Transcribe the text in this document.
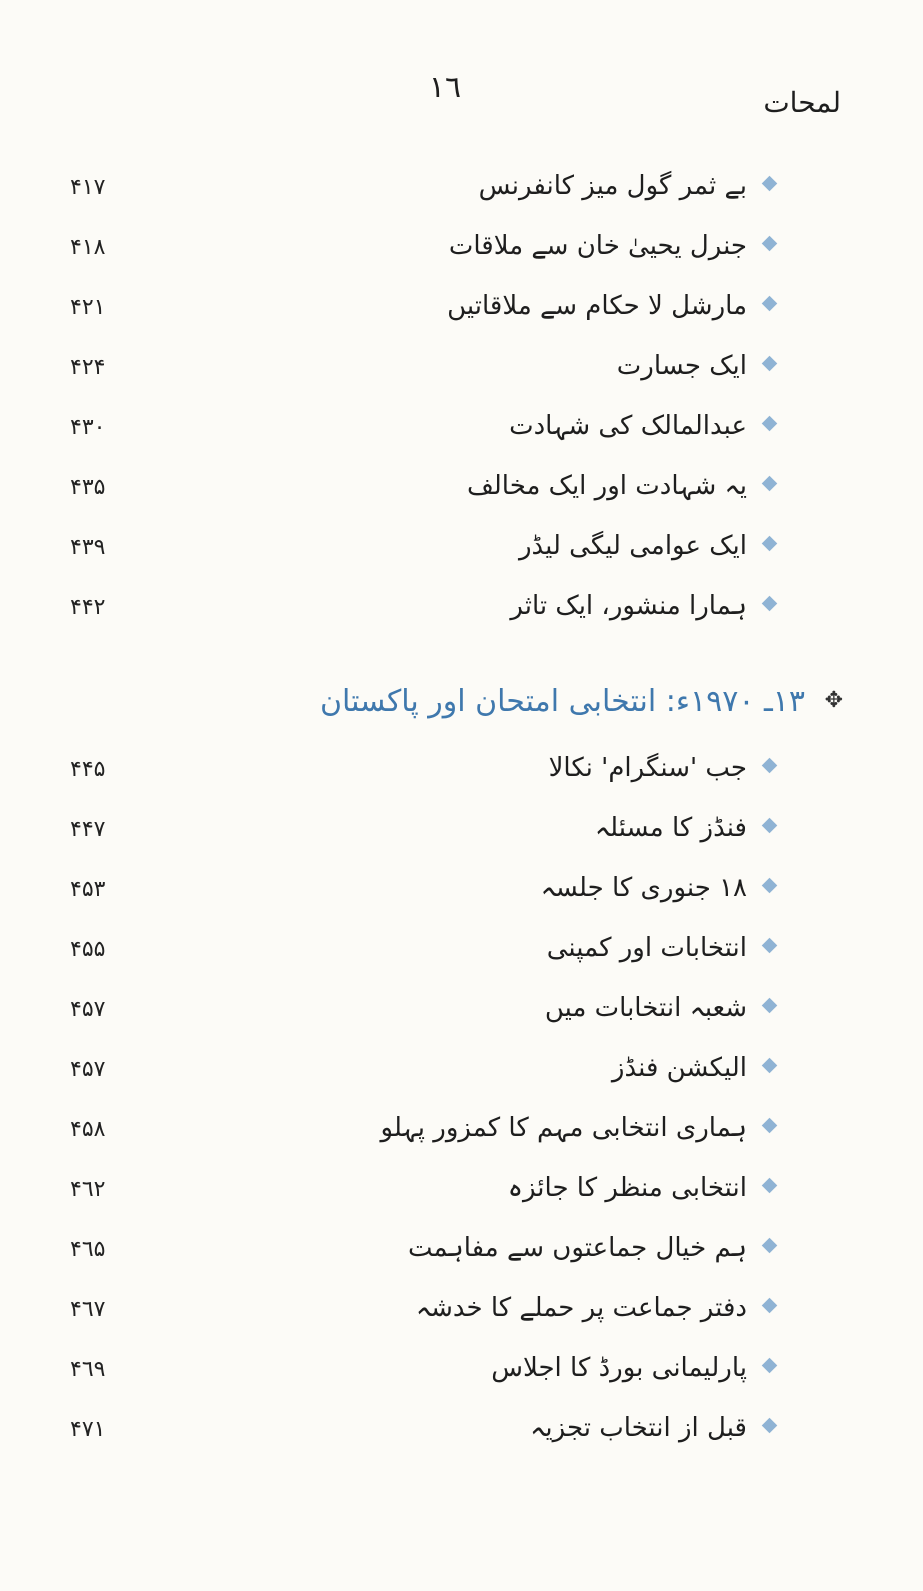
۱٦	لمحات
بے ثمر گول میز کانفرنس
۴۱۷
جنرل یحییٰ خان سے ملاقات
۴۱۸
مارشل لا حکام سے ملاقاتیں
۴۲۱
ایک جسارت
۴۲۴
عبدالمالک کی شہادت
۴۳۰
یہ شہادت اور ایک مخالف
۴۳۵
ایک عوامی لیگی لیڈر
۴۳۹
ہمارا منشور، ایک تاثر
۴۴۲
✥
۱۳ـ ۱۹۷۰ء: انتخابی امتحان اور پاکستان
جب 'سنگرام' نکالا
۴۴۵
فنڈز کا مسئلہ
۴۴۷
۱۸ جنوری کا جلسہ
۴۵۳
انتخابات اور کمپنی
۴۵۵
شعبہ انتخابات میں
۴۵۷
الیکشن فنڈز
۴۵۷
ہماری انتخابی مہم کا کمزور پہلو
۴۵۸
انتخابی منظر کا جائزہ
۴٦۲
ہم خیال جماعتوں سے مفاہمت
۴٦۵
دفتر جماعت پر حملے کا خدشہ
۴٦۷
پارلیمانی بورڈ کا اجلاس
۴٦۹
قبل از انتخاب تجزیہ
۴۷۱
